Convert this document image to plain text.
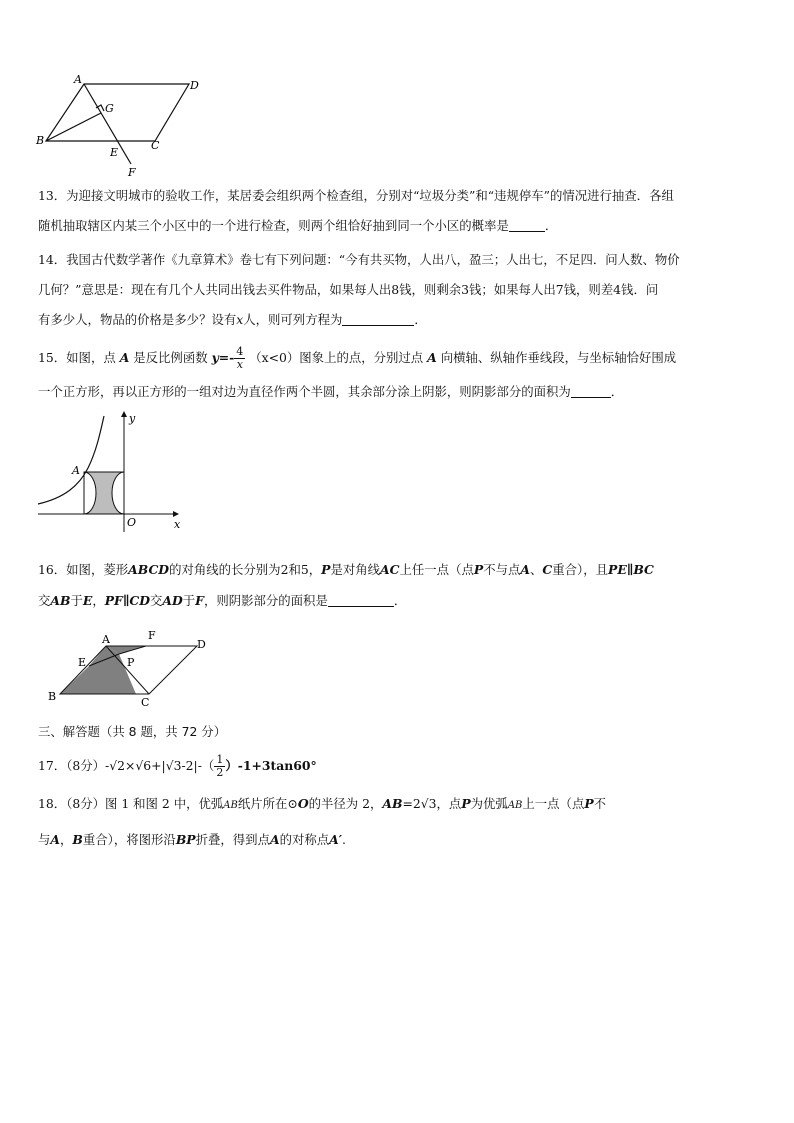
A	D
G
B
E
C
F
13．为迎接文明城市的验收工作，某居委会组织两个检查组，分别对“垃圾分类”和“违规停车”的情况进行抽查．各组
随机抽取辖区内某三个小区中的一个进行检查，则两个组恰好抽到同一个小区的概率是	．
14．我国古代数学著作《九章算术》卷七有下列问题：“今有共买物，人出八，盈三；人出七，不足四．问人数、物价
几何？”意思是：现在有几个人共同出钱去买件物品，如果每人出8钱，则剩余3钱；如果每人出7钱，则差4钱．问
有多少人，物品的价格是多少？设有x人，则可列方程为	．
15．如图，点 A 是反比例函数 $y=- \frac{4}{x} (x<0)$图象上的点，分别过点 A 向横轴、纵轴作垂线段，与坐标轴恰好围成
一个正方形，再以正方形的一组对边为直径作两个半圆，其余部分涂上阴影，则阴影部分的面积为	．
y
A
O	x
16．如图，菱形ABCD的对角线的长分别为2和5，P是对角线AC上任一点（点P不与点A、C重合），且PE∥BC
交AB于E，PF∥CD交AD于F，则阴影部分的面积是	．
A	F
D
E	P
B	C
三、解答题（共 8 题，共 72 分）
17．（8分）$-√2\times√6+|√3-2|-( \frac{1}{2} )-1+3\tan 60^\circ$
18．（8分）图 1 和图 2 中，优弧AB纸片所在⊙O的半径为 2，AB=2√3，点P为优弧AB上一点（点P不
与A，B重合），将图形沿BP折叠，得到点A的对称点A′.
